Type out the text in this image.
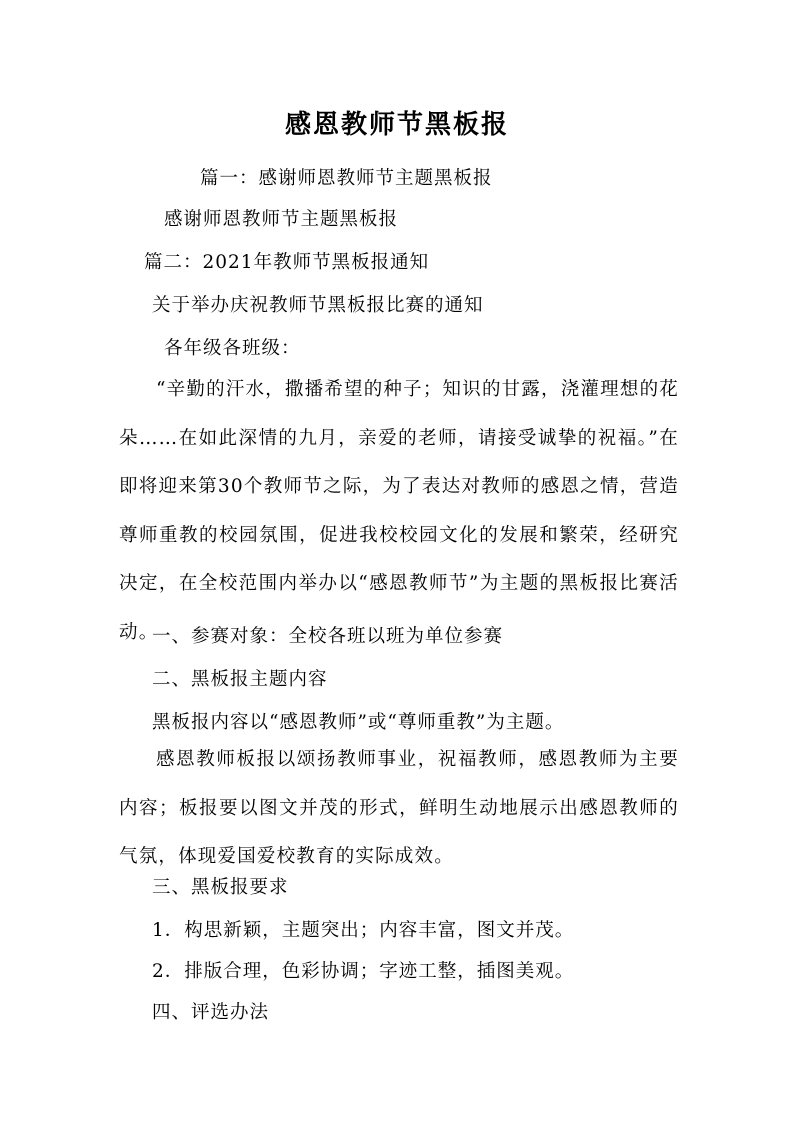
感恩教师节黑板报
篇一：感谢师恩教师节主题黑板报
感谢师恩教师节主题黑板报
篇二：2021年教师节黑板报通知
关于举办庆祝教师节黑板报比赛的通知
各年级各班级：

“辛勤的汗水，撒播希望的种子；知识的甘露，浇灌理想的花朵……在如此深情的九月，亲爱的老师，请接受诚挚的祝福。”在即将迎来第30个教师节之际，为了表达对教师的感恩之情，营造尊师重教的校园氛围，促进我校校园文化的发展和繁荣，经研究决定，在全校范围内举办以“感恩教师节”为主题的黑板报比赛活动。

一、参赛对象：全校各班以班为单位参赛
二、黑板报主题内容
黑板报内容以“感恩教师”或“尊师重教”为主题。

感恩教师板报以颂扬教师事业，祝福教师，感恩教师为主要内容；板报要以图文并茂的形式，鲜明生动地展示出感恩教师的气氛，体现爱国爱校教育的实际成效。

三、黑板报要求
1．构思新颖，主题突出；内容丰富，图文并茂。
2．排版合理，色彩协调；字迹工整，插图美观。
四、评选办法
